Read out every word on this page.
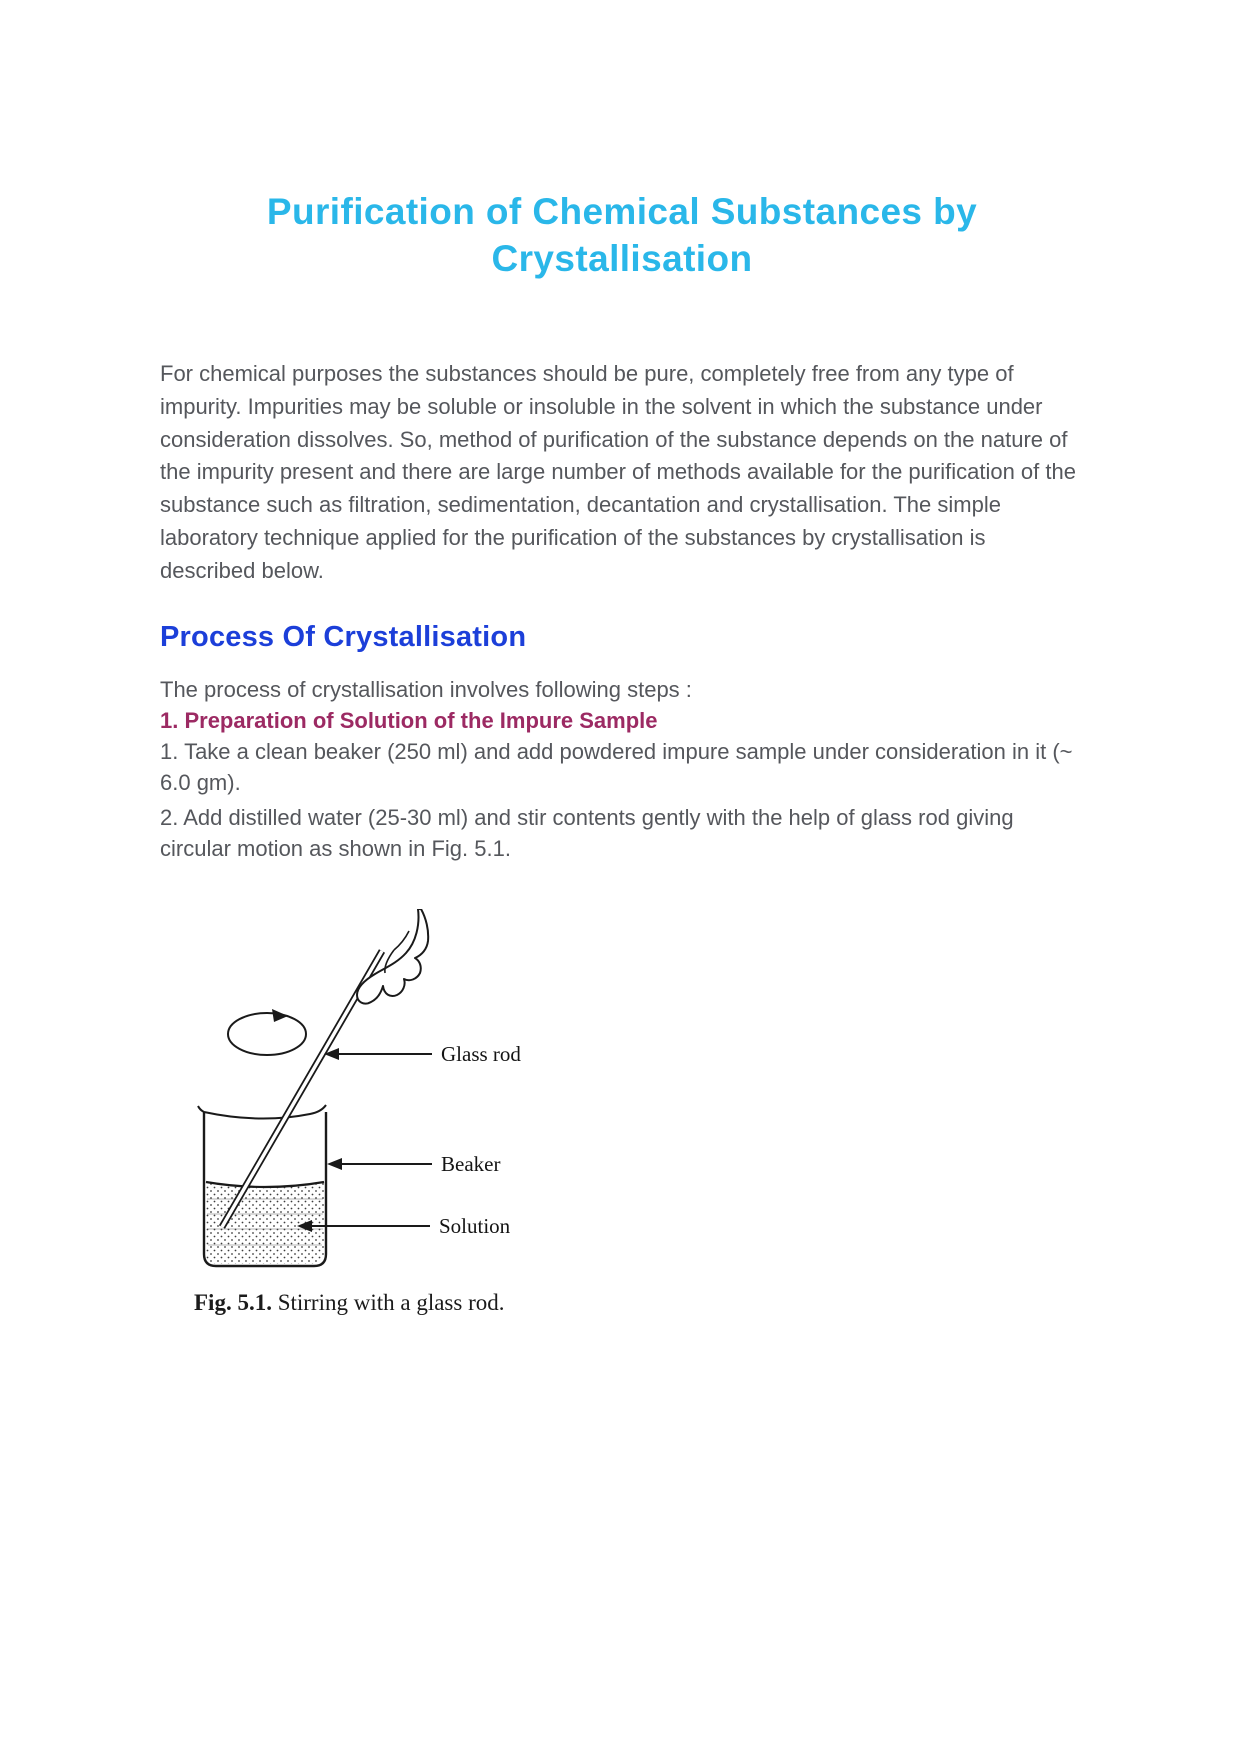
Purification of Chemical Substances by
Crystallisation

For chemical purposes the substances should be pure, completely free from any type of impurity. Impurities may be soluble or insoluble in the solvent in which the substance under consideration dissolves. So, method of purification of the substance depends on the nature of the impurity present and there are large number of methods available for the purification of the substance such as filtration, sedimentation, decantation and crystallisation. The simple laboratory technique applied for the purification of the substances by crystallisation is described below.

Process Of Crystallisation

The process of crystallisation involves following steps :

1. Preparation of Solution of the Impure Sample

1. Take a clean beaker (250 ml) and add powdered impure sample under consideration in it (~ 6.0 gm).

2. Add distilled water (25-30 ml) and stir contents gently with the help of glass rod giving circular motion as shown in Fig. 5.1.

Glass rod
Beaker
Solution
Fig. 5.1. Stirring with a glass rod.
